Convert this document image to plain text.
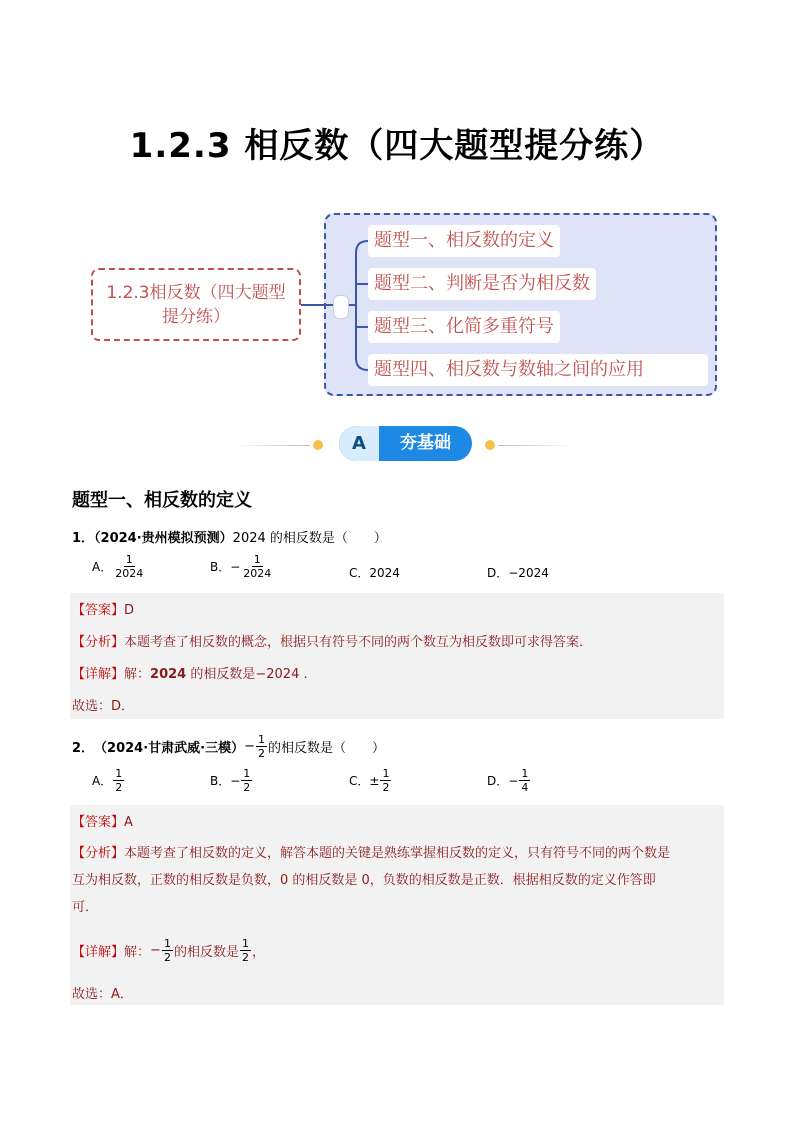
1.2.3 相反数（四大题型提分练）
1.2.3相反数（四大题型提分练）
题型一、相反数的定义
题型二、判断是否为相反数
题型三、化简多重符号
题型四、相反数与数轴之间的应用
A	夯基础
题型一、相反数的定义
1．（2024·贵州模拟预测）2024 的相反数是（　　）
A． $\frac{1}{2024}$	B． − $\frac{1}{2024}$	C． 2024	D． −2024
【答案】D
【分析】本题考查了相反数的概念，根据只有符号不同的两个数互为相反数即可求得答案．
【详解】解：2024 的相反数是−2024 .
故选：D．
2． （2024·甘肃武威·三模） − $\frac{1}{2}$ 的相反数是（　　）
A． $\frac{1}{2}$	B． − $\frac{1}{2}$	C． ± $\frac{1}{2}$	D． − $\frac{1}{4}$
【答案】A
【分析】本题考查了相反数的定义，解答本题的关键是熟练掌握相反数的定义，只有符号不同的两个数是
互为相反数，正数的相反数是负数，0 的相反数是 0，负数的相反数是正数．根据相反数的定义作答即
可．
【详解】 解： − $\frac{1}{2}$ 的相反数是 $\frac{1}{2}$ ，
故选：A．
